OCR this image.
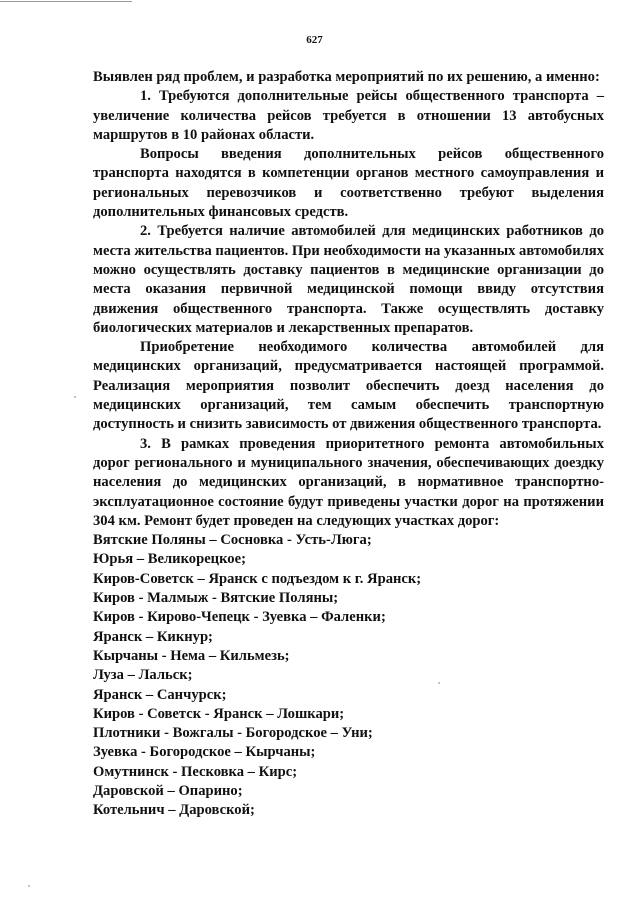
627

Выявлен ряд проблем, и разработка мероприятий по их решению, а именно:

1. Требуются дополнительные рейсы общественного транспорта – увеличение количества рейсов требуется в отношении 13 автобусных маршрутов в 10 районах области.

Вопросы введения дополнительных рейсов общественного транспорта находятся в компетенции органов местного самоуправления и региональных перевозчиков и соответственно требуют выделения дополнительных финансовых средств.

2. Требуется наличие автомобилей для медицинских работников до места жительства пациентов. При необходимости на указанных автомобилях можно осуществлять доставку пациентов в медицинские организации до места оказания первичной медицинской помощи ввиду отсутствия движения общественного транспорта. Также осуществлять доставку биологических материалов и лекарственных препаратов.

Приобретение необходимого количества автомобилей для медицинских организаций, предусматривается настоящей программой. Реализация мероприятия позволит обеспечить доезд населения до медицинских организаций, тем самым обеспечить транспортную доступность и снизить зависимость от движения общественного транспорта.

3. В рамках проведения приоритетного ремонта автомобильных дорог регионального и муниципального значения, обеспечивающих доездку населения до медицинских организаций, в нормативное транспортно-эксплуатационное состояние будут приведены участки дорог на протяжении 304 км. Ремонт будет проведен на следующих участках дорог:

Вятские Поляны – Сосновка - Усть-Люга;
Юрья – Великорецкое;
Киров-Советск – Яранск с подъездом к г. Яранск;
Киров - Малмыж - Вятские Поляны;
Киров - Кирово-Чепецк - Зуевка – Фаленки;
Яранск – Кикнур;
Кырчаны - Нема – Кильмезь;
Луза – Лальск;
Яранск – Санчурск;
Киров - Советск - Яранск – Лошкари;
Плотники - Вожгалы - Богородское – Уни;
Зуевка - Богородское – Кырчаны;
Омутнинск - Песковка – Кирс;
Даровской – Опарино;
Котельнич – Даровской;
